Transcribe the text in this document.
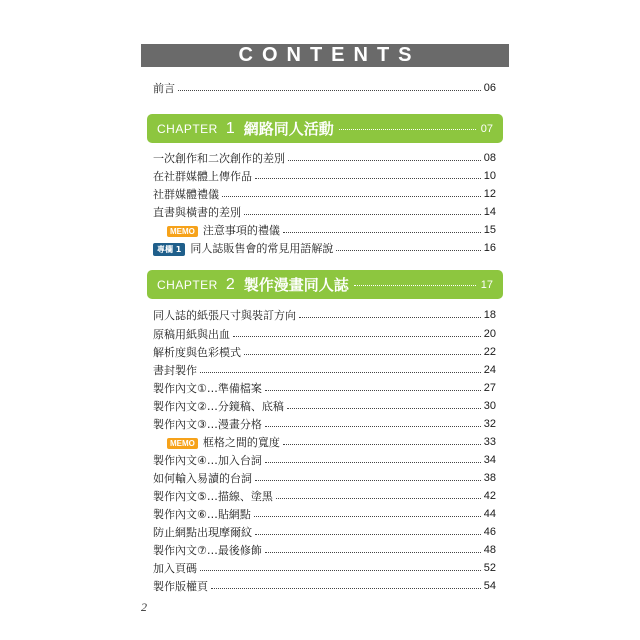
CONTENTS
前言	06
CHAPTER 1 網路同人活動	07
一次創作和二次創作的差別	08
在社群媒體上傳作品	10
社群媒體禮儀	12
直書與橫書的差別	14
MEMO 注意事項的禮儀	15
專欄 1 同人誌販售會的常見用語解說	16
CHAPTER 2 製作漫畫同人誌	17
同人誌的紙張尺寸與裝訂方向	18
原稿用紙與出血	20
解析度與色彩模式	22
書封製作	24
製作內文①…準備檔案	27
製作內文②…分鏡稿、底稿	30
製作內文③…漫畫分格	32
MEMO 框格之間的寬度	33
製作內文④…加入台詞	34
如何輸入易讀的台詞	38
製作內文⑤…描線、塗黑	42
製作內文⑥…貼網點	44
防止網點出現摩爾紋	46
製作內文⑦…最後修飾	48
加入頁碼	52
製作版權頁	54
2
